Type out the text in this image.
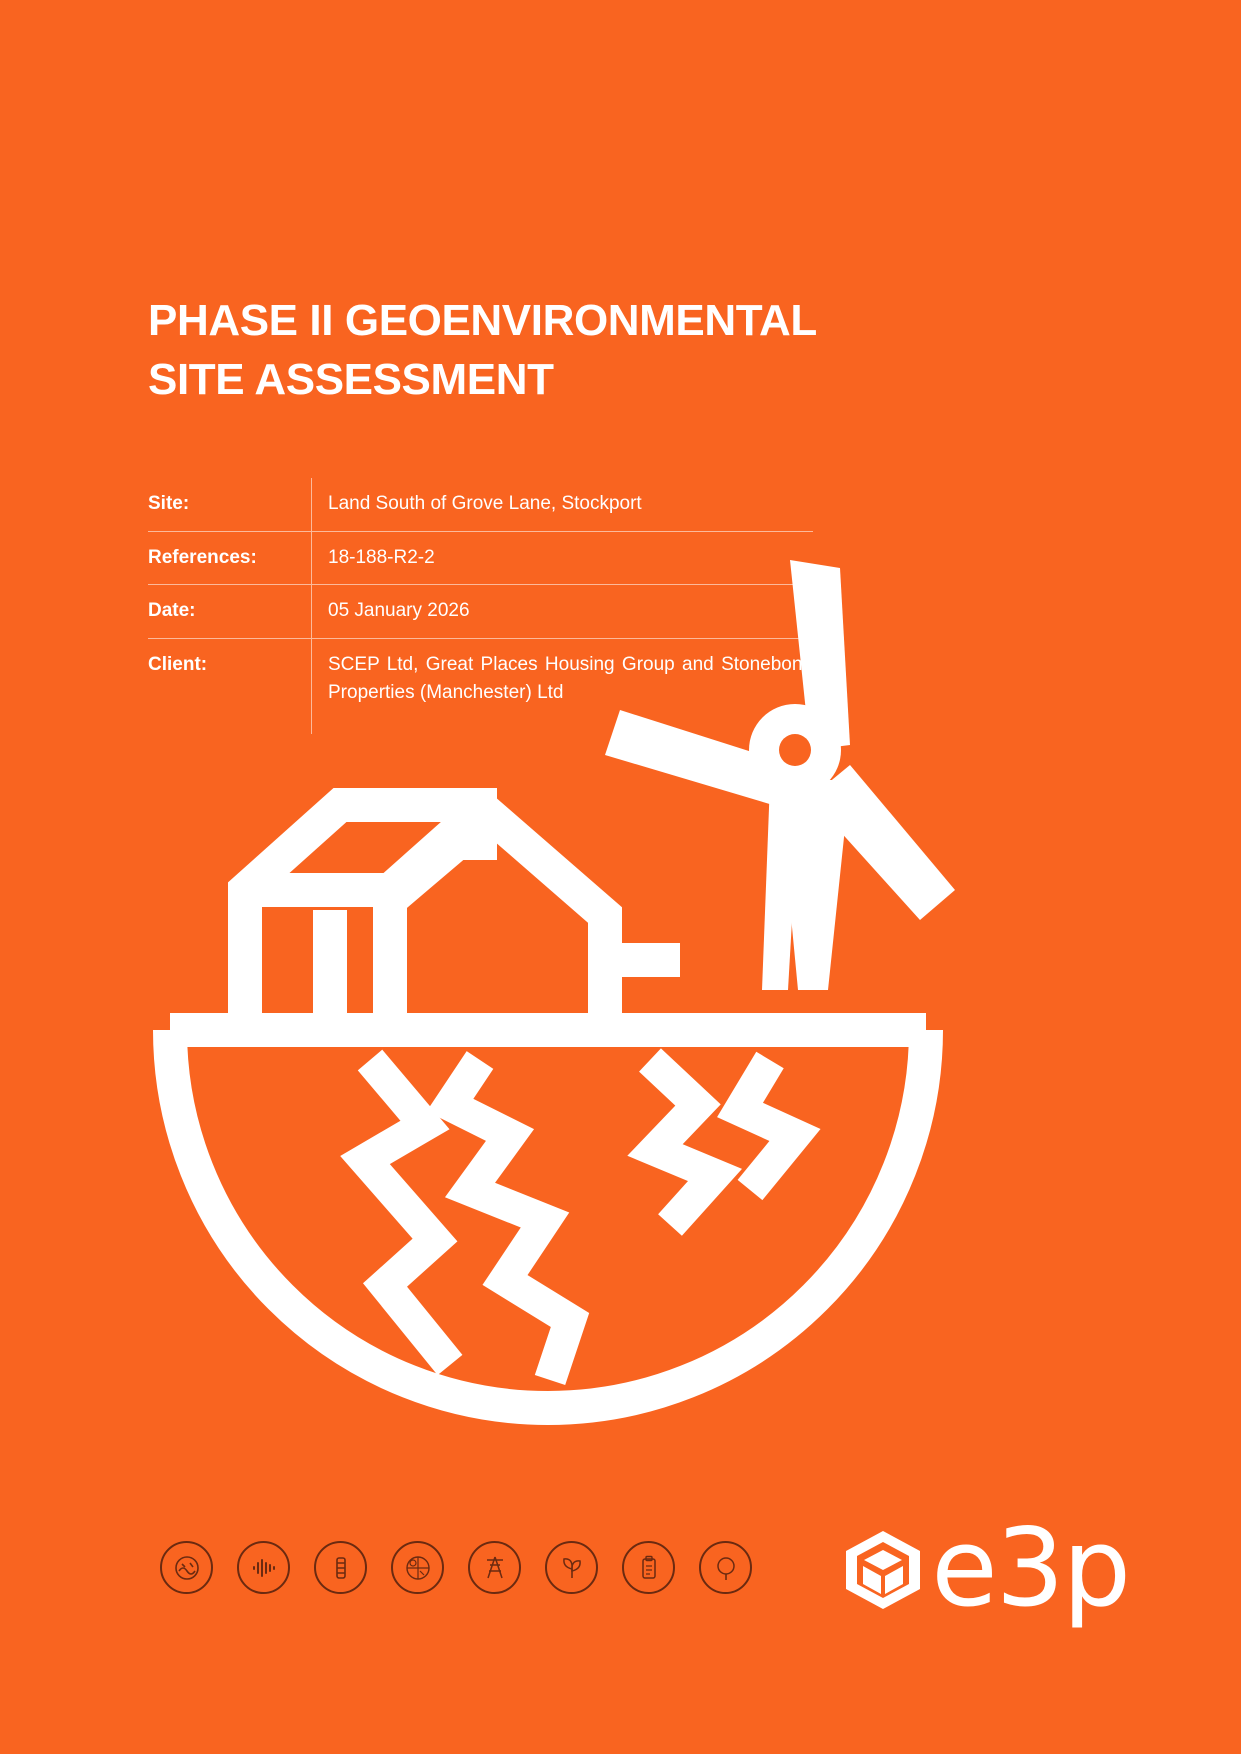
PHASE II GEOENVIRONMENTAL
SITE ASSESSMENT
Site:	Land South of Grove Lane, Stockport
References:	18-188-R2-2
Date:	05 January 2026
Client:	SCEP Ltd, Great Places Housing Group and Stonebond Properties (Manchester) Ltd
e3p
